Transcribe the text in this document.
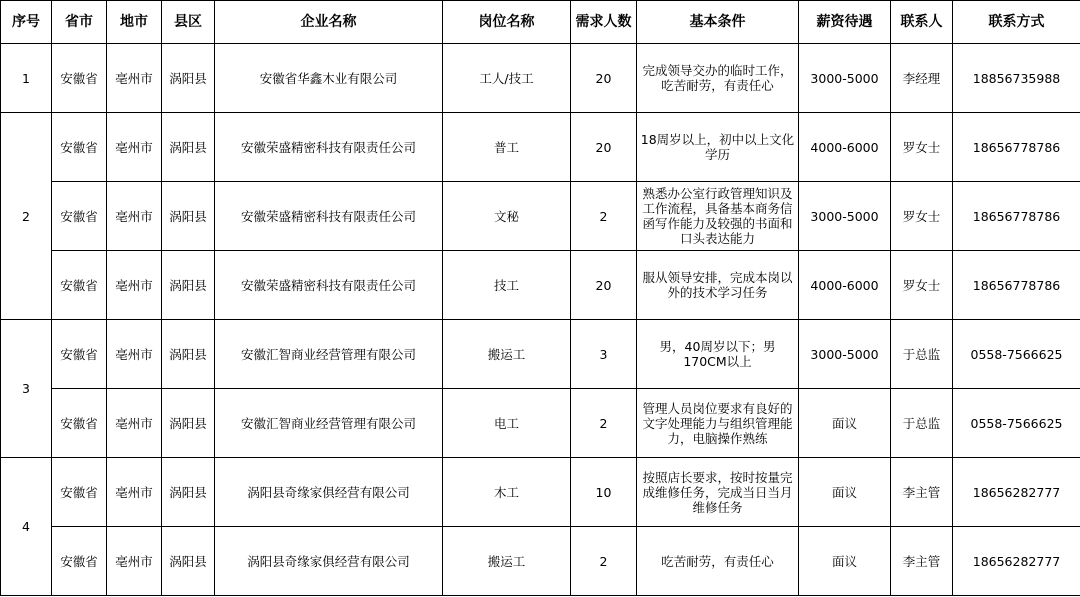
序号	省市	地市	县区	企业名称	岗位名称	需求人数	基本条件	薪资待遇	联系人	联系方式
1	安徽省	亳州市	涡阳县	安徽省华鑫木业有限公司	工人/技工	20	完成领导交办的临时工作，吃苦耐劳，有责任心	3000-5000	李经理	18856735988
2	安徽省	亳州市	涡阳县	安徽荣盛精密科技有限责任公司	普工	20	18周岁以上，初中以上文化学历	4000-6000	罗女士	18656778786
	安徽省	亳州市	涡阳县	安徽荣盛精密科技有限责任公司	文秘	2	熟悉办公室行政管理知识及工作流程，具备基本商务信函写作能力及较强的书面和口头表达能力	3000-5000	罗女士	18656778786
	安徽省	亳州市	涡阳县	安徽荣盛精密科技有限责任公司	技工	20	服从领导安排，完成本岗以外的技术学习任务	4000-6000	罗女士	18656778786
3	安徽省	亳州市	涡阳县	安徽汇智商业经营管理有限公司	搬运工	3	男，40周岁以下；男170CM以上	3000-5000	于总监	0558-7566625
	安徽省	亳州市	涡阳县	安徽汇智商业经营管理有限公司	电工	2	管理人员岗位要求有良好的文字处理能力与组织管理能力，电脑操作熟练	面议	于总监	0558-7566625
4	安徽省	亳州市	涡阳县	涡阳县奇缘家俱经营有限公司	木工	10	按照店长要求，按时按量完成维修任务，完成当日当月维修任务	面议	李主管	18656282777
	安徽省	亳州市	涡阳县	涡阳县奇缘家俱经营有限公司	搬运工	2	吃苦耐劳，有责任心	面议	李主管	18656282777
